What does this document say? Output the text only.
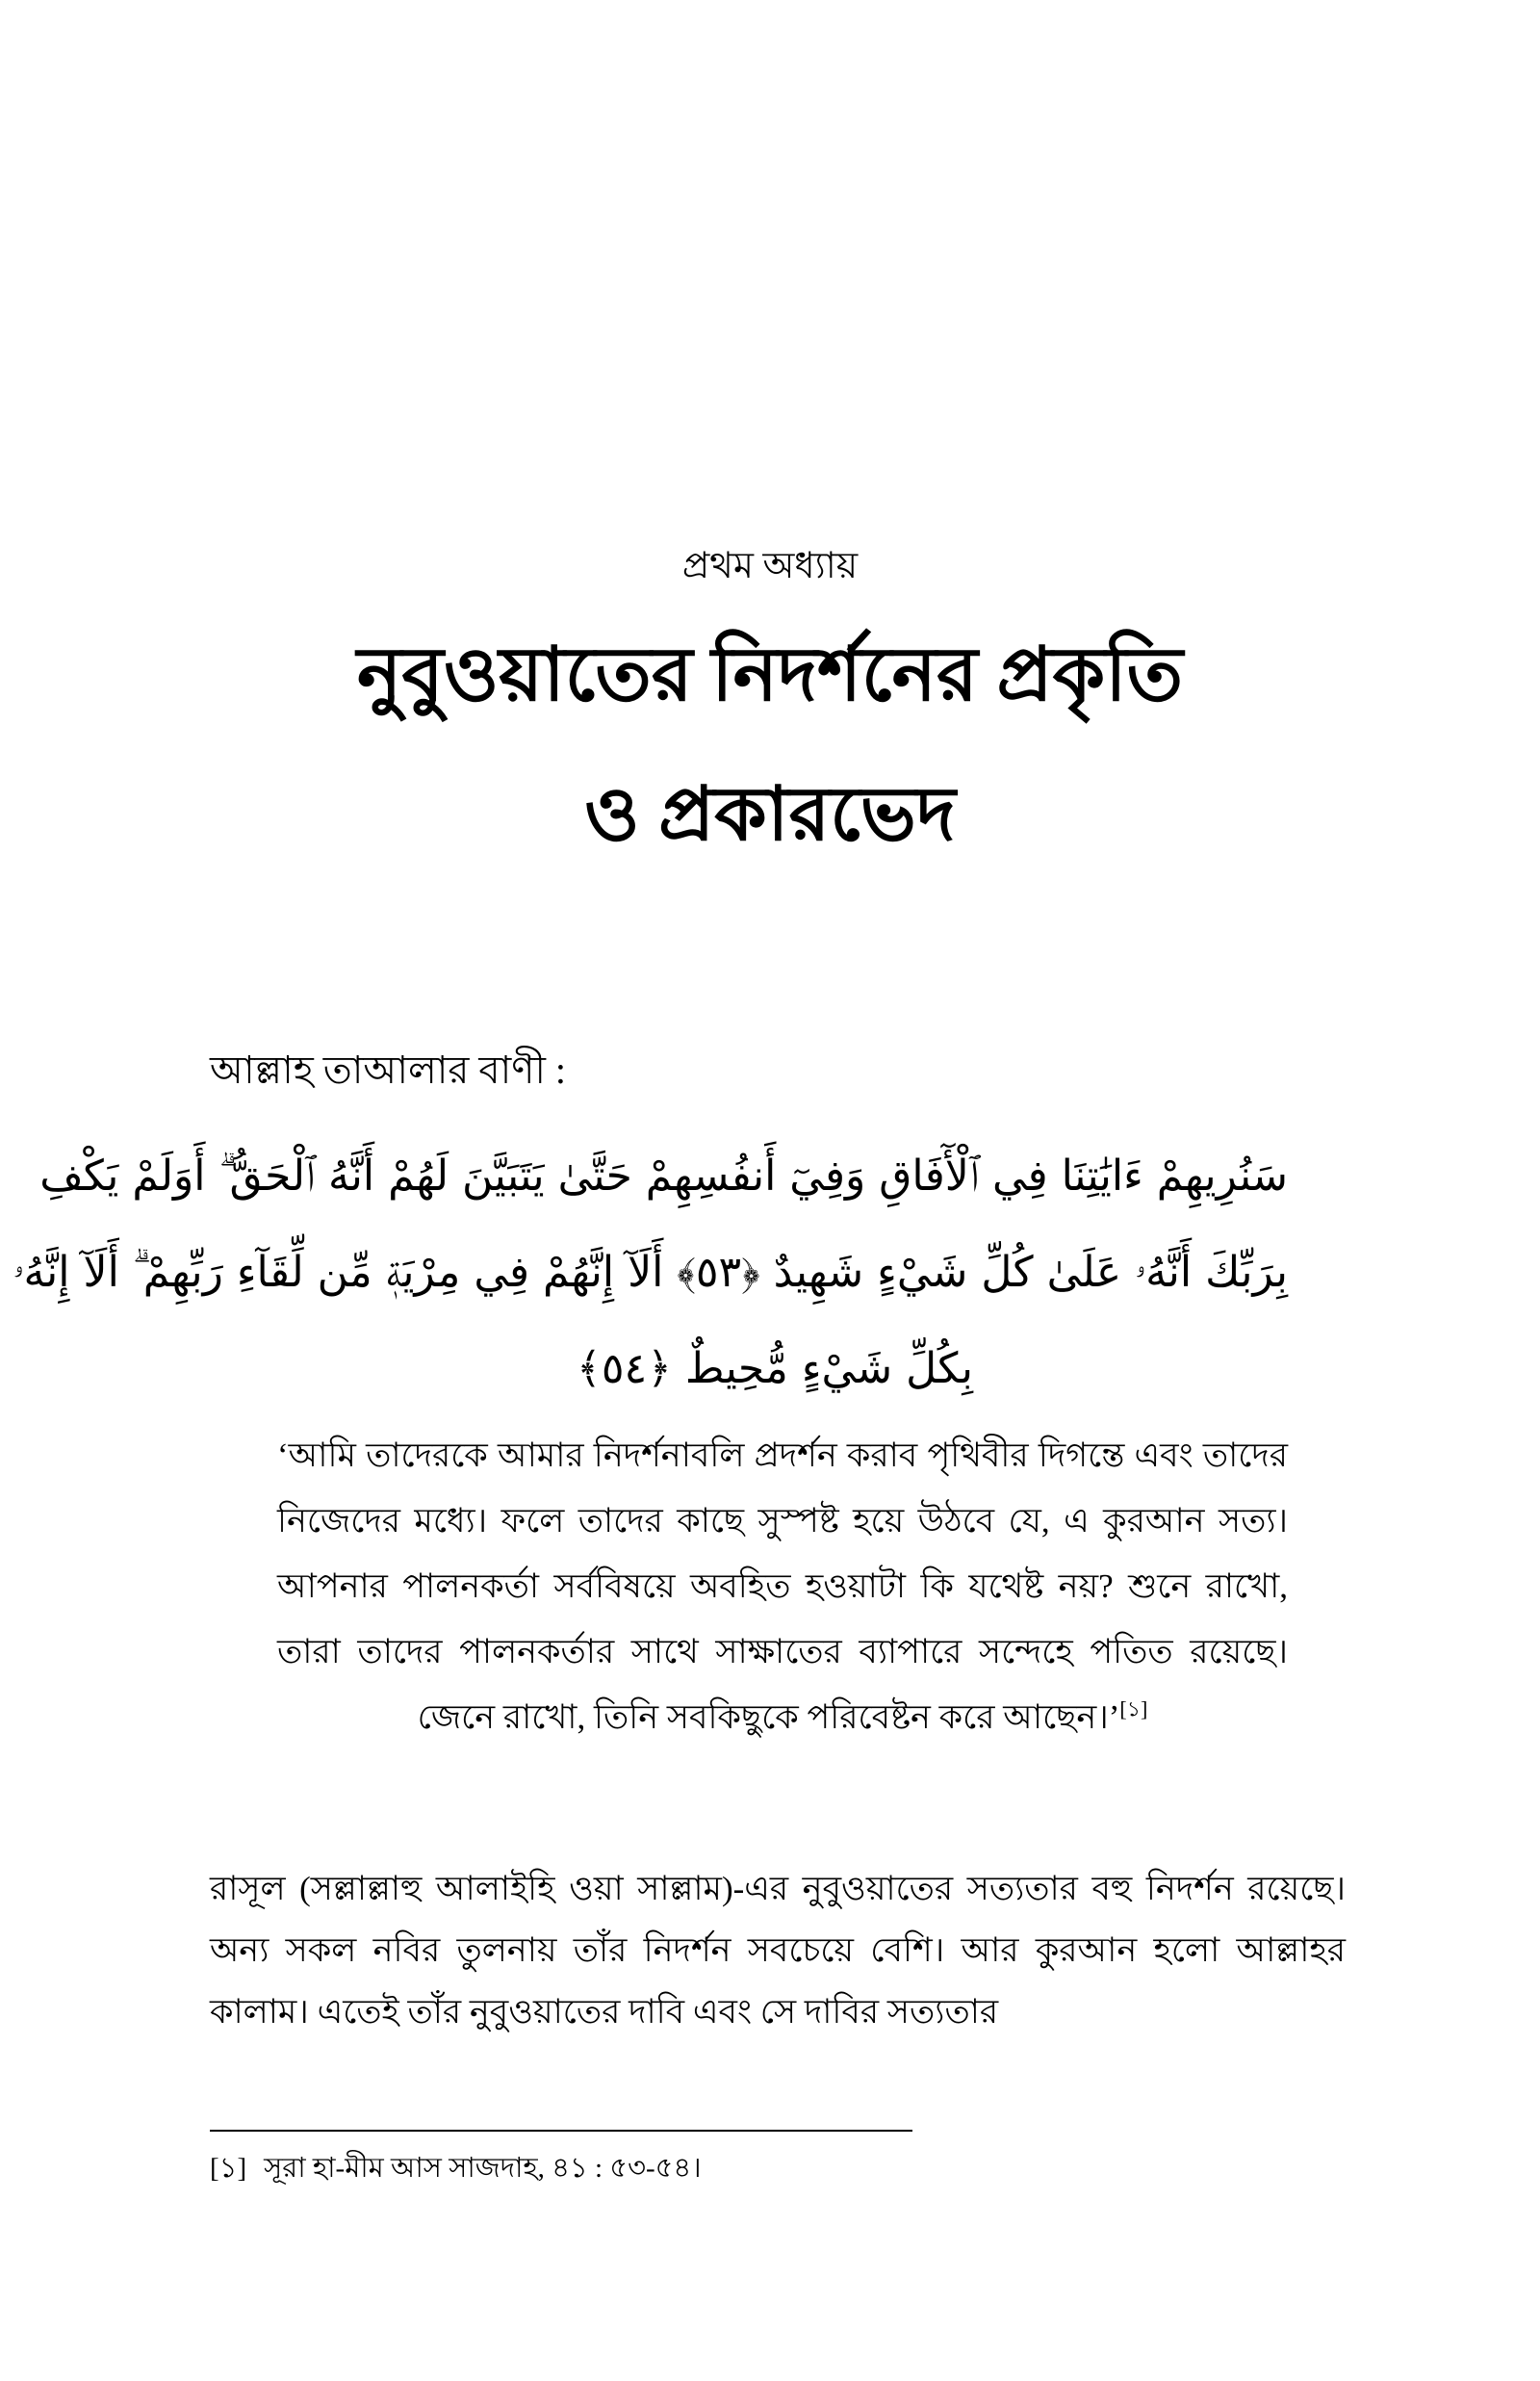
প্রথম অধ্যায়
নুবুওয়াতের নিদর্শনের প্রকৃতি
ও প্রকারভেদ
আল্লাহ তাআলার বাণী :
سَنُرِيهِمْ ءَايَٰتِنَا فِي ٱلْأٓفَاقِ وَفِيٓ أَنفُسِهِمْ حَتَّىٰ يَتَبَيَّنَ لَهُمْ أَنَّهُ ٱلْحَقُّ ۗ أَوَلَمْ يَكْفِ
بِرَبِّكَ أَنَّهُۥ عَلَىٰ كُلِّ شَيْءٍ شَهِيدٌ ﴿٥٣﴾ أَلَآ إِنَّهُمْ فِي مِرْيَةٖ مِّن لِّقَآءِ رَبِّهِمْ ۗ أَلَآ إِنَّهُۥ
بِكُلِّ شَيْءٍ مُّحِيطٌ ﴿٥٤﴾
‘আমি তাদেরকে আমার নিদর্শনাবলি প্রদর্শন করাব পৃথিবীর দিগন্তে এবং তাদের নিজেদের মধ্যে। ফলে তাদের কাছে সুস্পষ্ট হয়ে উঠবে যে, এ কুরআন সত্য। আপনার পালনকর্তা সর্ববিষয়ে অবহিত হওয়াটা কি যথেষ্ট নয়? শুনে রাখো, তারা তাদের পালনকর্তার সাথে সাক্ষাতের ব্যাপারে সন্দেহে পতিত রয়েছে। জেনে রাখো, তিনি সবকিছুকে পরিবেষ্টন করে আছেন।’[১]

রাসূল (সল্লাল্লাহু আলাইহি ওয়া সাল্লাম)-এর নুবুওয়াতের সত্যতার বহু নিদর্শন রয়েছে। অন্য সকল নবির তুলনায় তাঁর নিদর্শন সবচেয়ে বেশি। আর কুরআন হলো আল্লাহর কালাম। এতেই তাঁর নুবুওয়াতের দাবি এবং সে দাবির সত্যতার

[১] সূরা হা-মীম আস সাজদাহ, ৪১ : ৫৩-৫৪।
